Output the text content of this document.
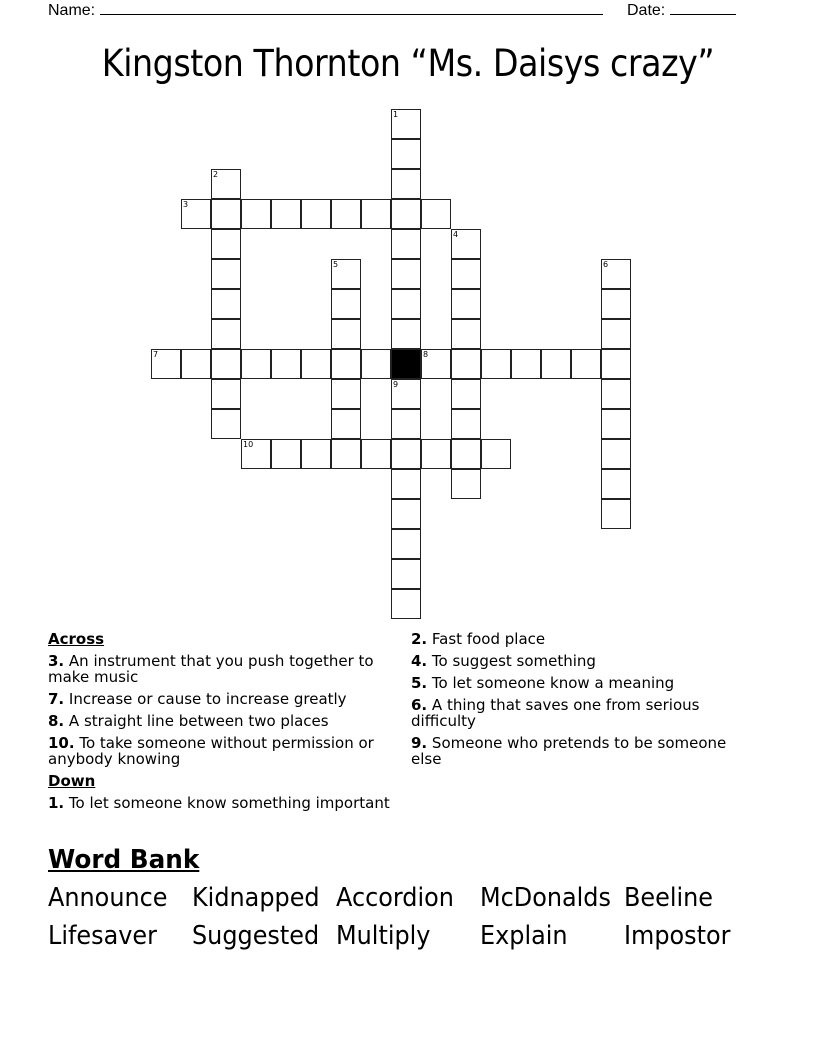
Name:	Date:
Kingston Thornton “Ms. Daisys crazy”
1
2
3
4
5	6
7	8
9
10
Across
3. An instrument that you push together to make music
7. Increase or cause to increase greatly
8. A straight line between two places
10. To take someone without permission or anybody knowing
Down
1. To let someone know something important
2. Fast food place
4. To suggest something
5. To let someone know a meaning
6. A thing that saves one from serious difficulty
9. Someone who pretends to be someone else
Word Bank
Announce Kidnapped Accordion McDonalds Beeline
Lifesaver Suggested Multiply Explain Impostor
